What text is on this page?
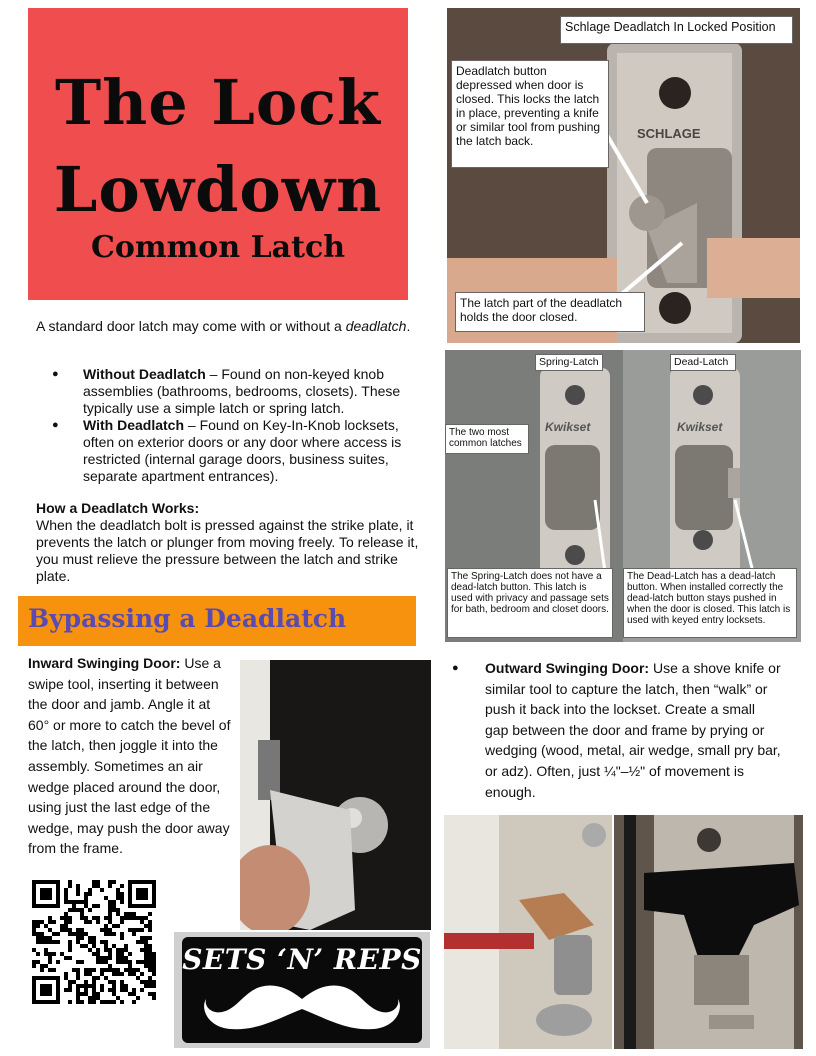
The Lock
Lowdown
Common Latch
Schlage Deadlatch In Locked Position
Deadlatch button depressed when door is closed. This locks the latch in place, preventing a knife or similar tool from pushing the latch back.
The latch part of the deadlatch holds the door closed.
SCHLAGE
Spring-Latch	Dead-Latch
The two most common latches
The Spring-Latch does not have a dead-latch button. This latch is used with privacy and passage sets for bath, bedroom and closet doors.
The Dead-Latch has a dead-latch button. When installed correctly the dead-latch button stays pushed in when the door is closed. This latch is used with keyed entry locksets.
Kwikset	Kwikset
A standard door latch may come with or without a deadlatch.
● Without Deadlatch – Found on non-keyed knob assemblies (bathrooms, bedrooms, closets). These typically use a simple latch or spring latch.
● With Deadlatch – Found on Key-In-Knob locksets, often on exterior doors or any door where access is restricted (internal garage doors, business suites, separate apartment entrances).
How a Deadlatch Works:
When the deadlatch bolt is pressed against the strike plate, it prevents the latch or plunger from moving freely. To release it, you must relieve the pressure between the latch and strike plate.
Bypassing a Deadlatch
Inward Swinging Door: Use a swipe tool, inserting it between the door and jamb. Angle it at 60° or more to catch the bevel of the latch, then joggle it into the assembly. Sometimes an air wedge placed around the door, using just the last edge of the wedge, may push the door away from the frame.
●	Outward Swinging Door: Use a shove knife or similar tool to capture the latch, then “walk” or push it back into the lockset. Create a small gap between the door and frame by prying or wedging (wood, metal, air wedge, small pry bar, or adz). Often, just ¼"–½" of movement is enough.
SETS ‘N’ REPS
